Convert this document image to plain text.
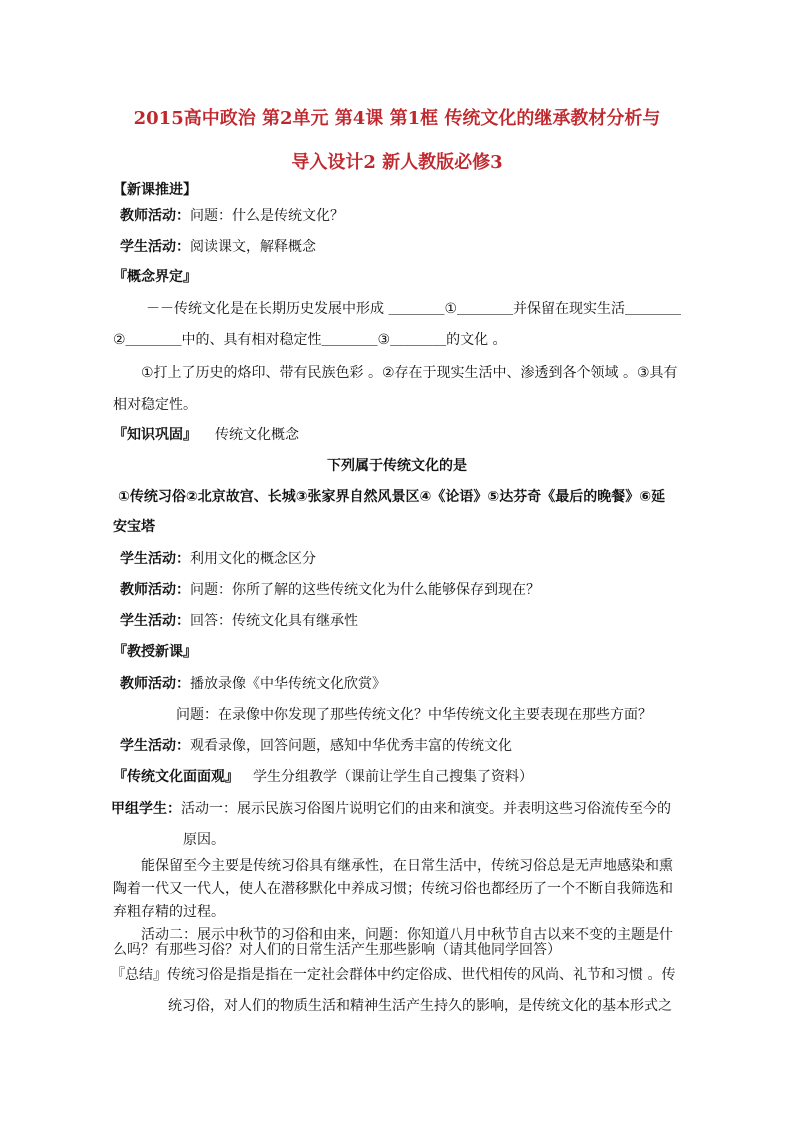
2015高中政治 第2单元 第4课 第1框 传统文化的继承教材分析与
导入设计2 新人教版必修3
【新课推进】
教师活动：问题：什么是传统文化？
学生活动：阅读课文，解释概念
『概念界定』
－－传统文化是在长期历史发展中形成 ＿＿＿＿①＿＿＿＿并保留在现实生活＿＿＿＿
②＿＿＿＿中的、具有相对稳定性＿＿＿＿③＿＿＿＿的文化 。
①打上了历史的烙印、带有民族色彩 。②存在于现实生活中、渗透到各个领域 。③具有
相对稳定性。
『知识巩固』 传统文化概念
下列属于传统文化的是
①传统习俗②北京故宫、长城③张家界自然风景区④《论语》⑤达芬奇《最后的晚餐》⑥延
安宝塔
学生活动：利用文化的概念区分
教师活动：问题：你所了解的这些传统文化为什么能够保存到现在？
学生活动：回答：传统文化具有继承性
『教授新课』
教师活动：播放录像《中华传统文化欣赏》
问题：在录像中你发现了那些传统文化？中华传统文化主要表现在那些方面？
学生活动：观看录像，回答问题，感知中华优秀丰富的传统文化
『传统文化面面观』 学生分组教学（课前让学生自己搜集了资料）
甲组学生：活动一：展示民族习俗图片说明它们的由来和演变。并表明这些习俗流传至今的
原因。
能保留至今主要是传统习俗具有继承性，在日常生活中，传统习俗总是无声地感染和熏
陶着一代又一代人，使人在潜移默化中养成习惯；传统习俗也都经历了一个不断自我筛选和
弃粗存精的过程。
活动二：展示中秋节的习俗和由来，问题：你知道八月中秋节自古以来不变的主题是什
么吗？有那些习俗？对人们的日常生活产生那些影响（请其他同学回答）
『总结』传统习俗是指是指在一定社会群体中约定俗成、世代相传的风尚、礼节和习惯 。传
统习俗，对人们的物质生活和精神生活产生持久的影响，是传统文化的基本形式之
